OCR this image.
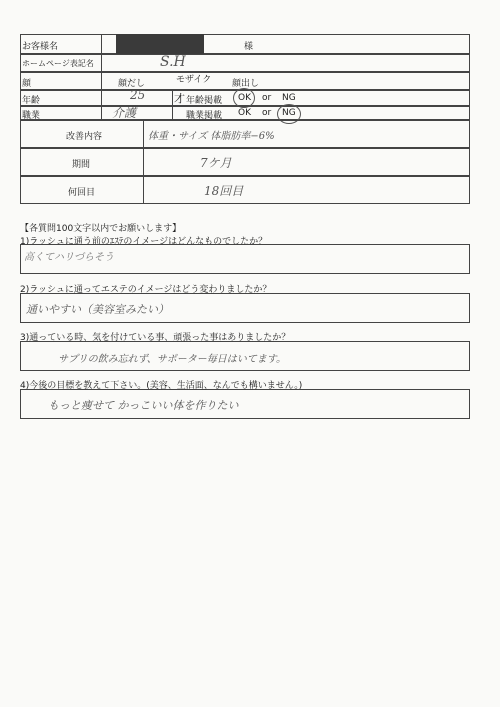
お客様名	様
ホームページ表記名	S.H
顔	顔だし	モザイク 顔出し
年齢	25	才 年齢掲載 OK or NG
職業	介護	職業掲載 OK or NG
改善内容	体重・サイズ 体脂肪率−6%
期間	7ケ月
何回目	18回目
【各質問100文字以内でお願いします】
1)ラッシュに通う前のｴｽﾃのイメージはどんなものでしたか？
高くてハリづらそう
2)ラッシュに通ってエステのイメージはどう変わりましたか？
通いやすい（美容室みたい）
3)通っている時、気を付けている事、頑張った事はありましたか？
サプリの飲み忘れず、サポーター毎日はいてます。
4)今後の目標を教えて下さい。(美容、生活面、なんでも構いません。)
もっと痩せて かっこいい体を作りたい
